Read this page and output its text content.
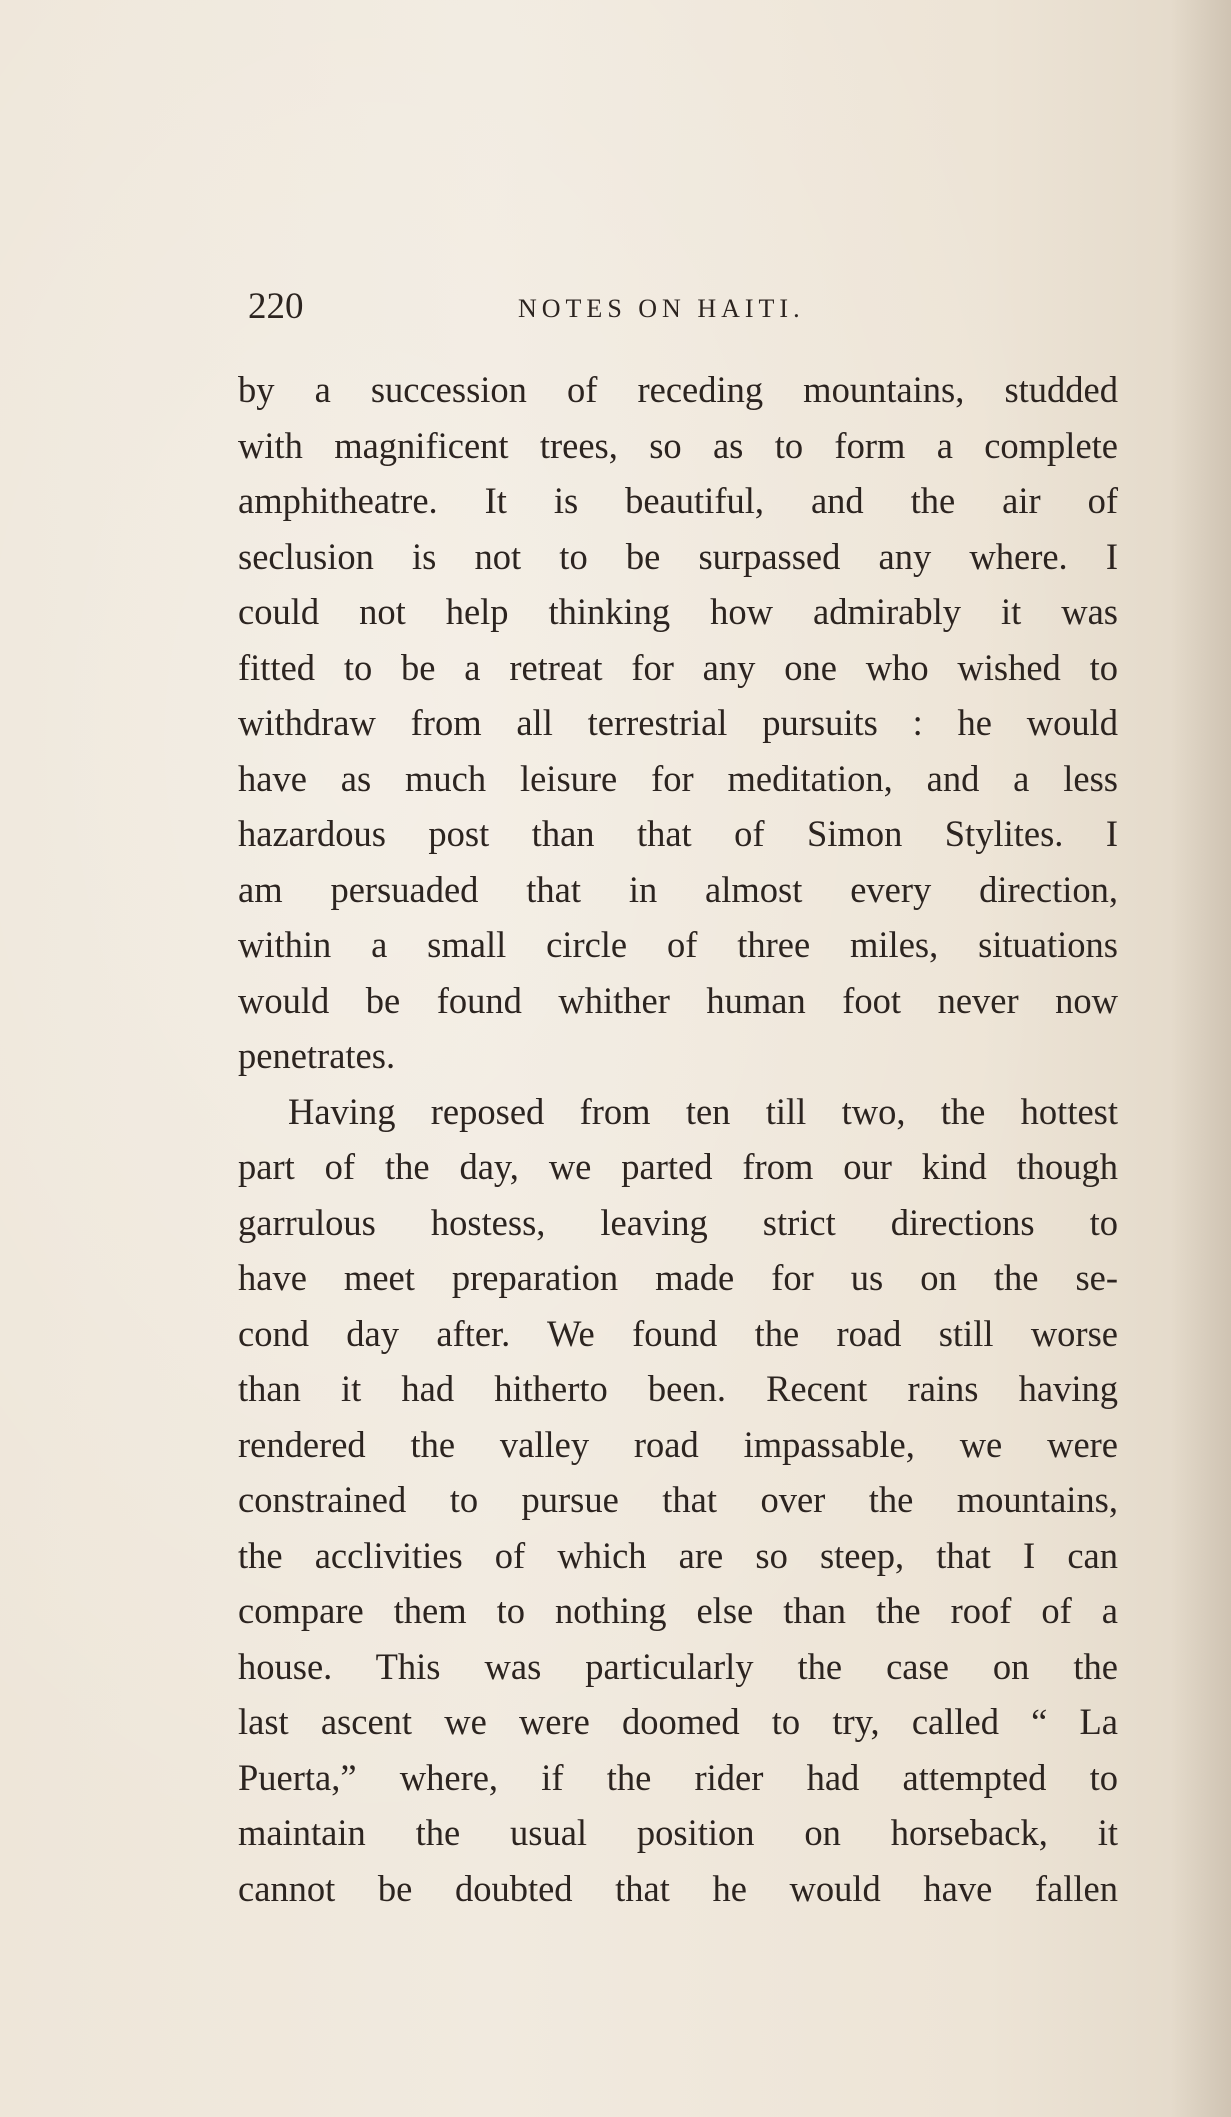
220	NOTES ON HAITI.
by a succession of receding mountains, studded
with magnificent trees, so as to form a complete
amphitheatre. It is beautiful, and the air of
seclusion is not to be surpassed any where. I
could not help thinking how admirably it was
fitted to be a retreat for any one who wished to
withdraw from all terrestrial pursuits : he would
have as much leisure for meditation, and a less
hazardous post than that of Simon Stylites. I
am persuaded that in almost every direction,
within a small circle of three miles, situations
would be found whither human foot never now
penetrates.
Having reposed from ten till two, the hottest
part of the day, we parted from our kind though
garrulous hostess, leaving strict directions to
have meet preparation made for us on the se-
cond day after. We found the road still worse
than it had hitherto been. Recent rains having
rendered the valley road impassable, we were
constrained to pursue that over the mountains,
the acclivities of which are so steep, that I can
compare them to nothing else than the roof of a
house. This was particularly the case on the
last ascent we were doomed to try, called “ La
Puerta,” where, if the rider had attempted to
maintain the usual position on horseback, it
cannot be doubted that he would have fallen
